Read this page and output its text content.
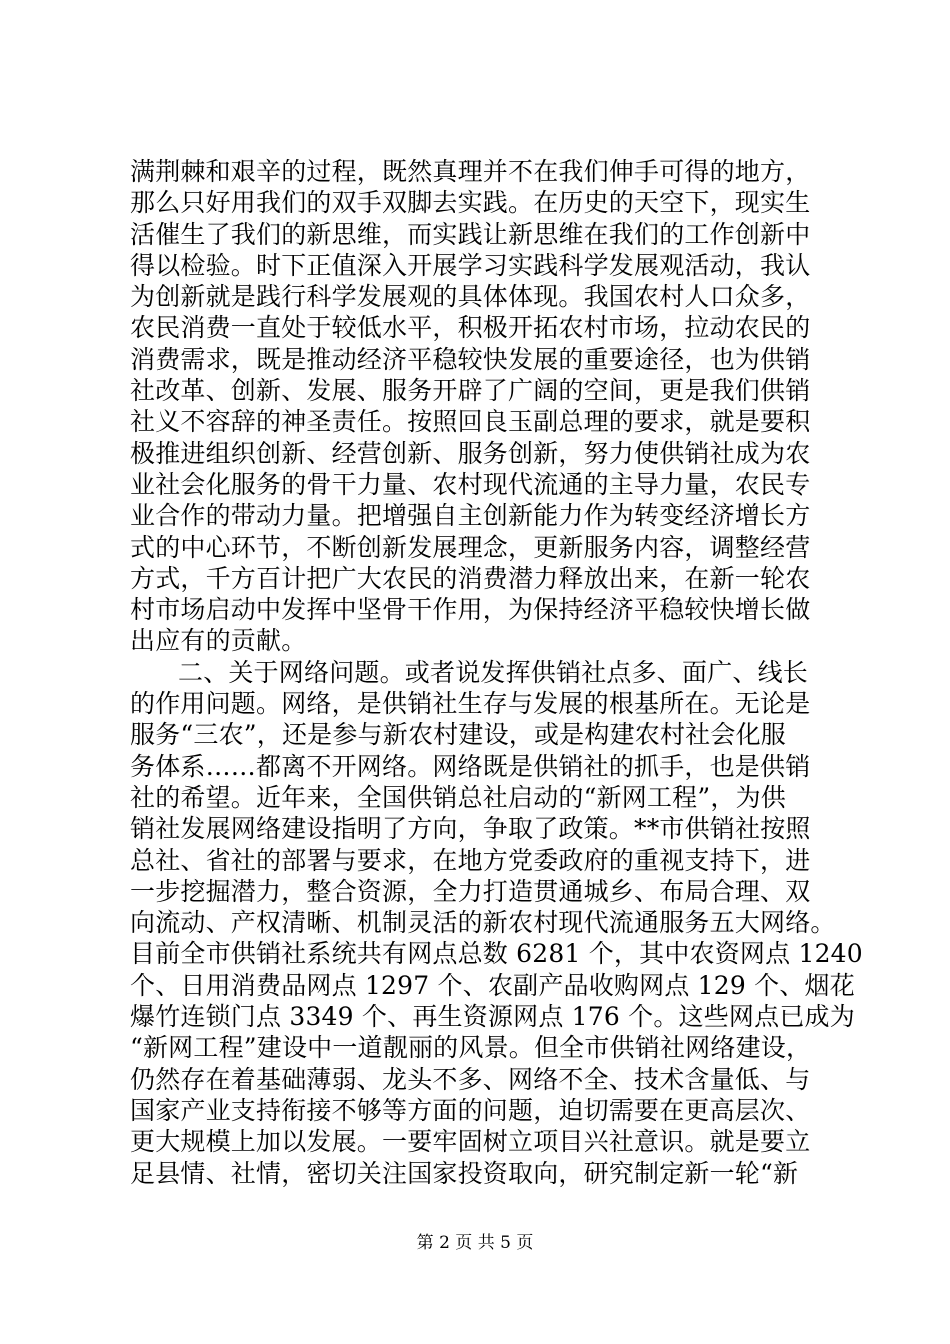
满荆棘和艰辛的过程，既然真理并不在我们伸手可得的地方，
那么只好用我们的双手双脚去实践。在历史的天空下，现实生
活催生了我们的新思维，而实践让新思维在我们的工作创新中
得以检验。时下正值深入开展学习实践科学发展观活动，我认
为创新就是践行科学发展观的具体体现。我国农村人口众多，
农民消费一直处于较低水平，积极开拓农村市场，拉动农民的
消费需求，既是推动经济平稳较快发展的重要途径，也为供销
社改革、创新、发展、服务开辟了广阔的空间，更是我们供销
社义不容辞的神圣责任。按照回良玉副总理的要求，就是要积
极推进组织创新、经营创新、服务创新，努力使供销社成为农
业社会化服务的骨干力量、农村现代流通的主导力量，农民专
业合作的带动力量。把增强自主创新能力作为转变经济增长方
式的中心环节，不断创新发展理念，更新服务内容，调整经营
方式，千方百计把广大农民的消费潜力释放出来，在新一轮农
村市场启动中发挥中坚骨干作用，为保持经济平稳较快增长做
出应有的贡献。
二、关于网络问题。或者说发挥供销社点多、面广、线长
的作用问题。网络，是供销社生存与发展的根基所在。无论是
服务“三农”，还是参与新农村建设，或是构建农村社会化服
务体系……都离不开网络。网络既是供销社的抓手，也是供销
社的希望。近年来，全国供销总社启动的“新网工程”，为供
销社发展网络建设指明了方向，争取了政策。**市供销社按照
总社、省社的部署与要求，在地方党委政府的重视支持下，进
一步挖掘潜力，整合资源，全力打造贯通城乡、布局合理、双
向流动、产权清晰、机制灵活的新农村现代流通服务五大网络。
目前全市供销社系统共有网点总数 6281 个，其中农资网点 1240
个、日用消费品网点 1297 个、农副产品收购网点 129 个、烟花
爆竹连锁门点 3349 个、再生资源网点 176 个。这些网点已成为
“新网工程”建设中一道靓丽的风景。但全市供销社网络建设，
仍然存在着基础薄弱、龙头不多、网络不全、技术含量低、与
国家产业支持衔接不够等方面的问题，迫切需要在更高层次、
更大规模上加以发展。一要牢固树立项目兴社意识。就是要立
足县情、社情，密切关注国家投资取向，研究制定新一轮“新
第 2 页 共 5 页
